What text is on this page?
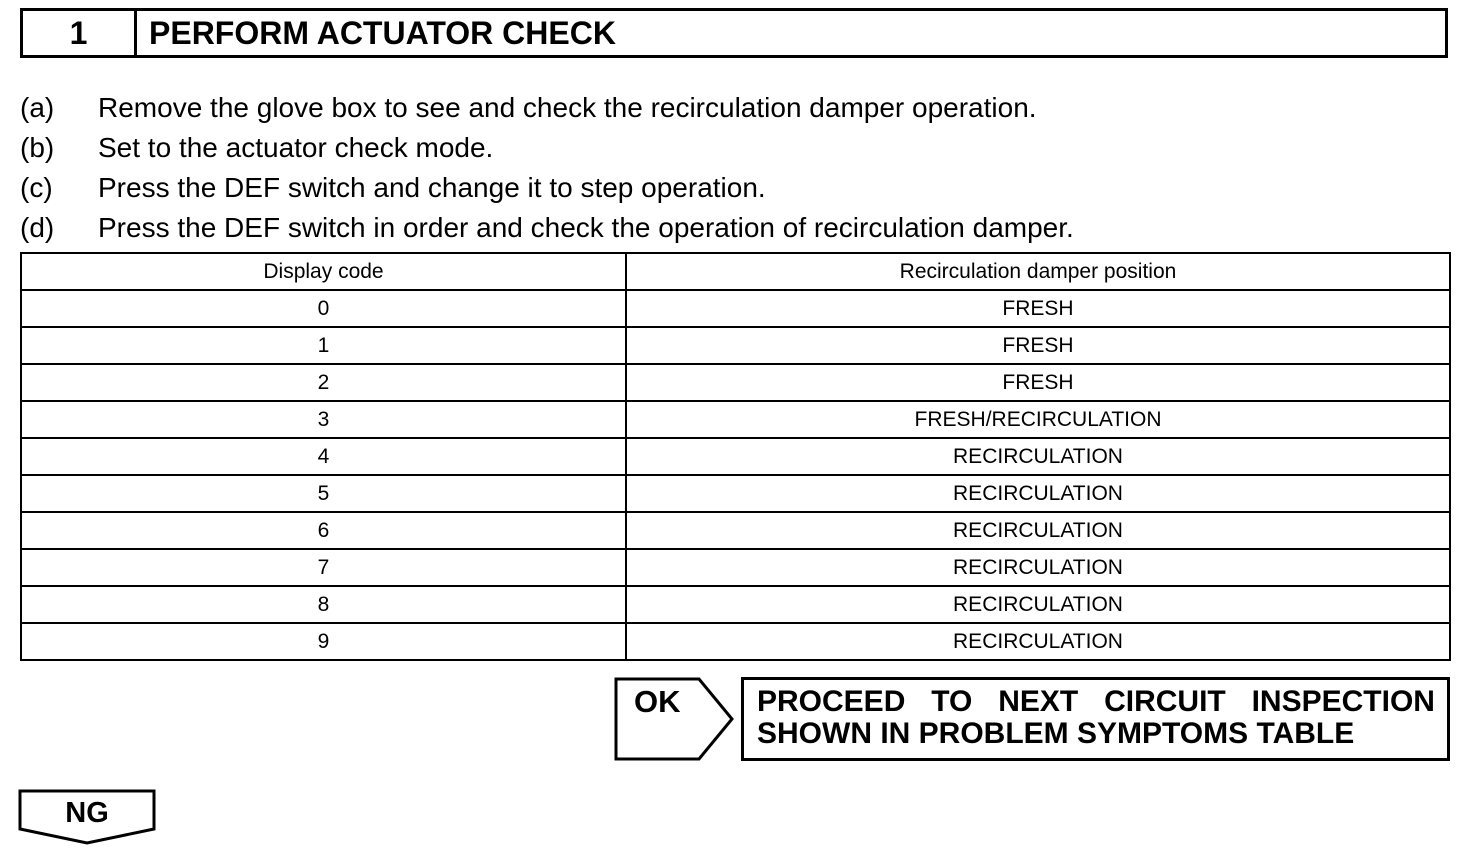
1	PERFORM ACTUATOR CHECK
(a)	Remove the glove box to see and check the recirculation damper operation.
(b)	Set to the actuator check mode.
(c)	Press the DEF switch and change it to step operation.
(d)	Press the DEF switch in order and check the operation of recirculation damper.
Display code	Recirculation damper position
0	FRESH
1	FRESH
2	FRESH
3	FRESH/RECIRCULATION
4	RECIRCULATION
5	RECIRCULATION
6	RECIRCULATION
7	RECIRCULATION
8	RECIRCULATION
9	RECIRCULATION
OK	PROCEED TO NEXT CIRCUIT INSPECTION
SHOWN IN PROBLEM SYMPTOMS TABLE
NG
